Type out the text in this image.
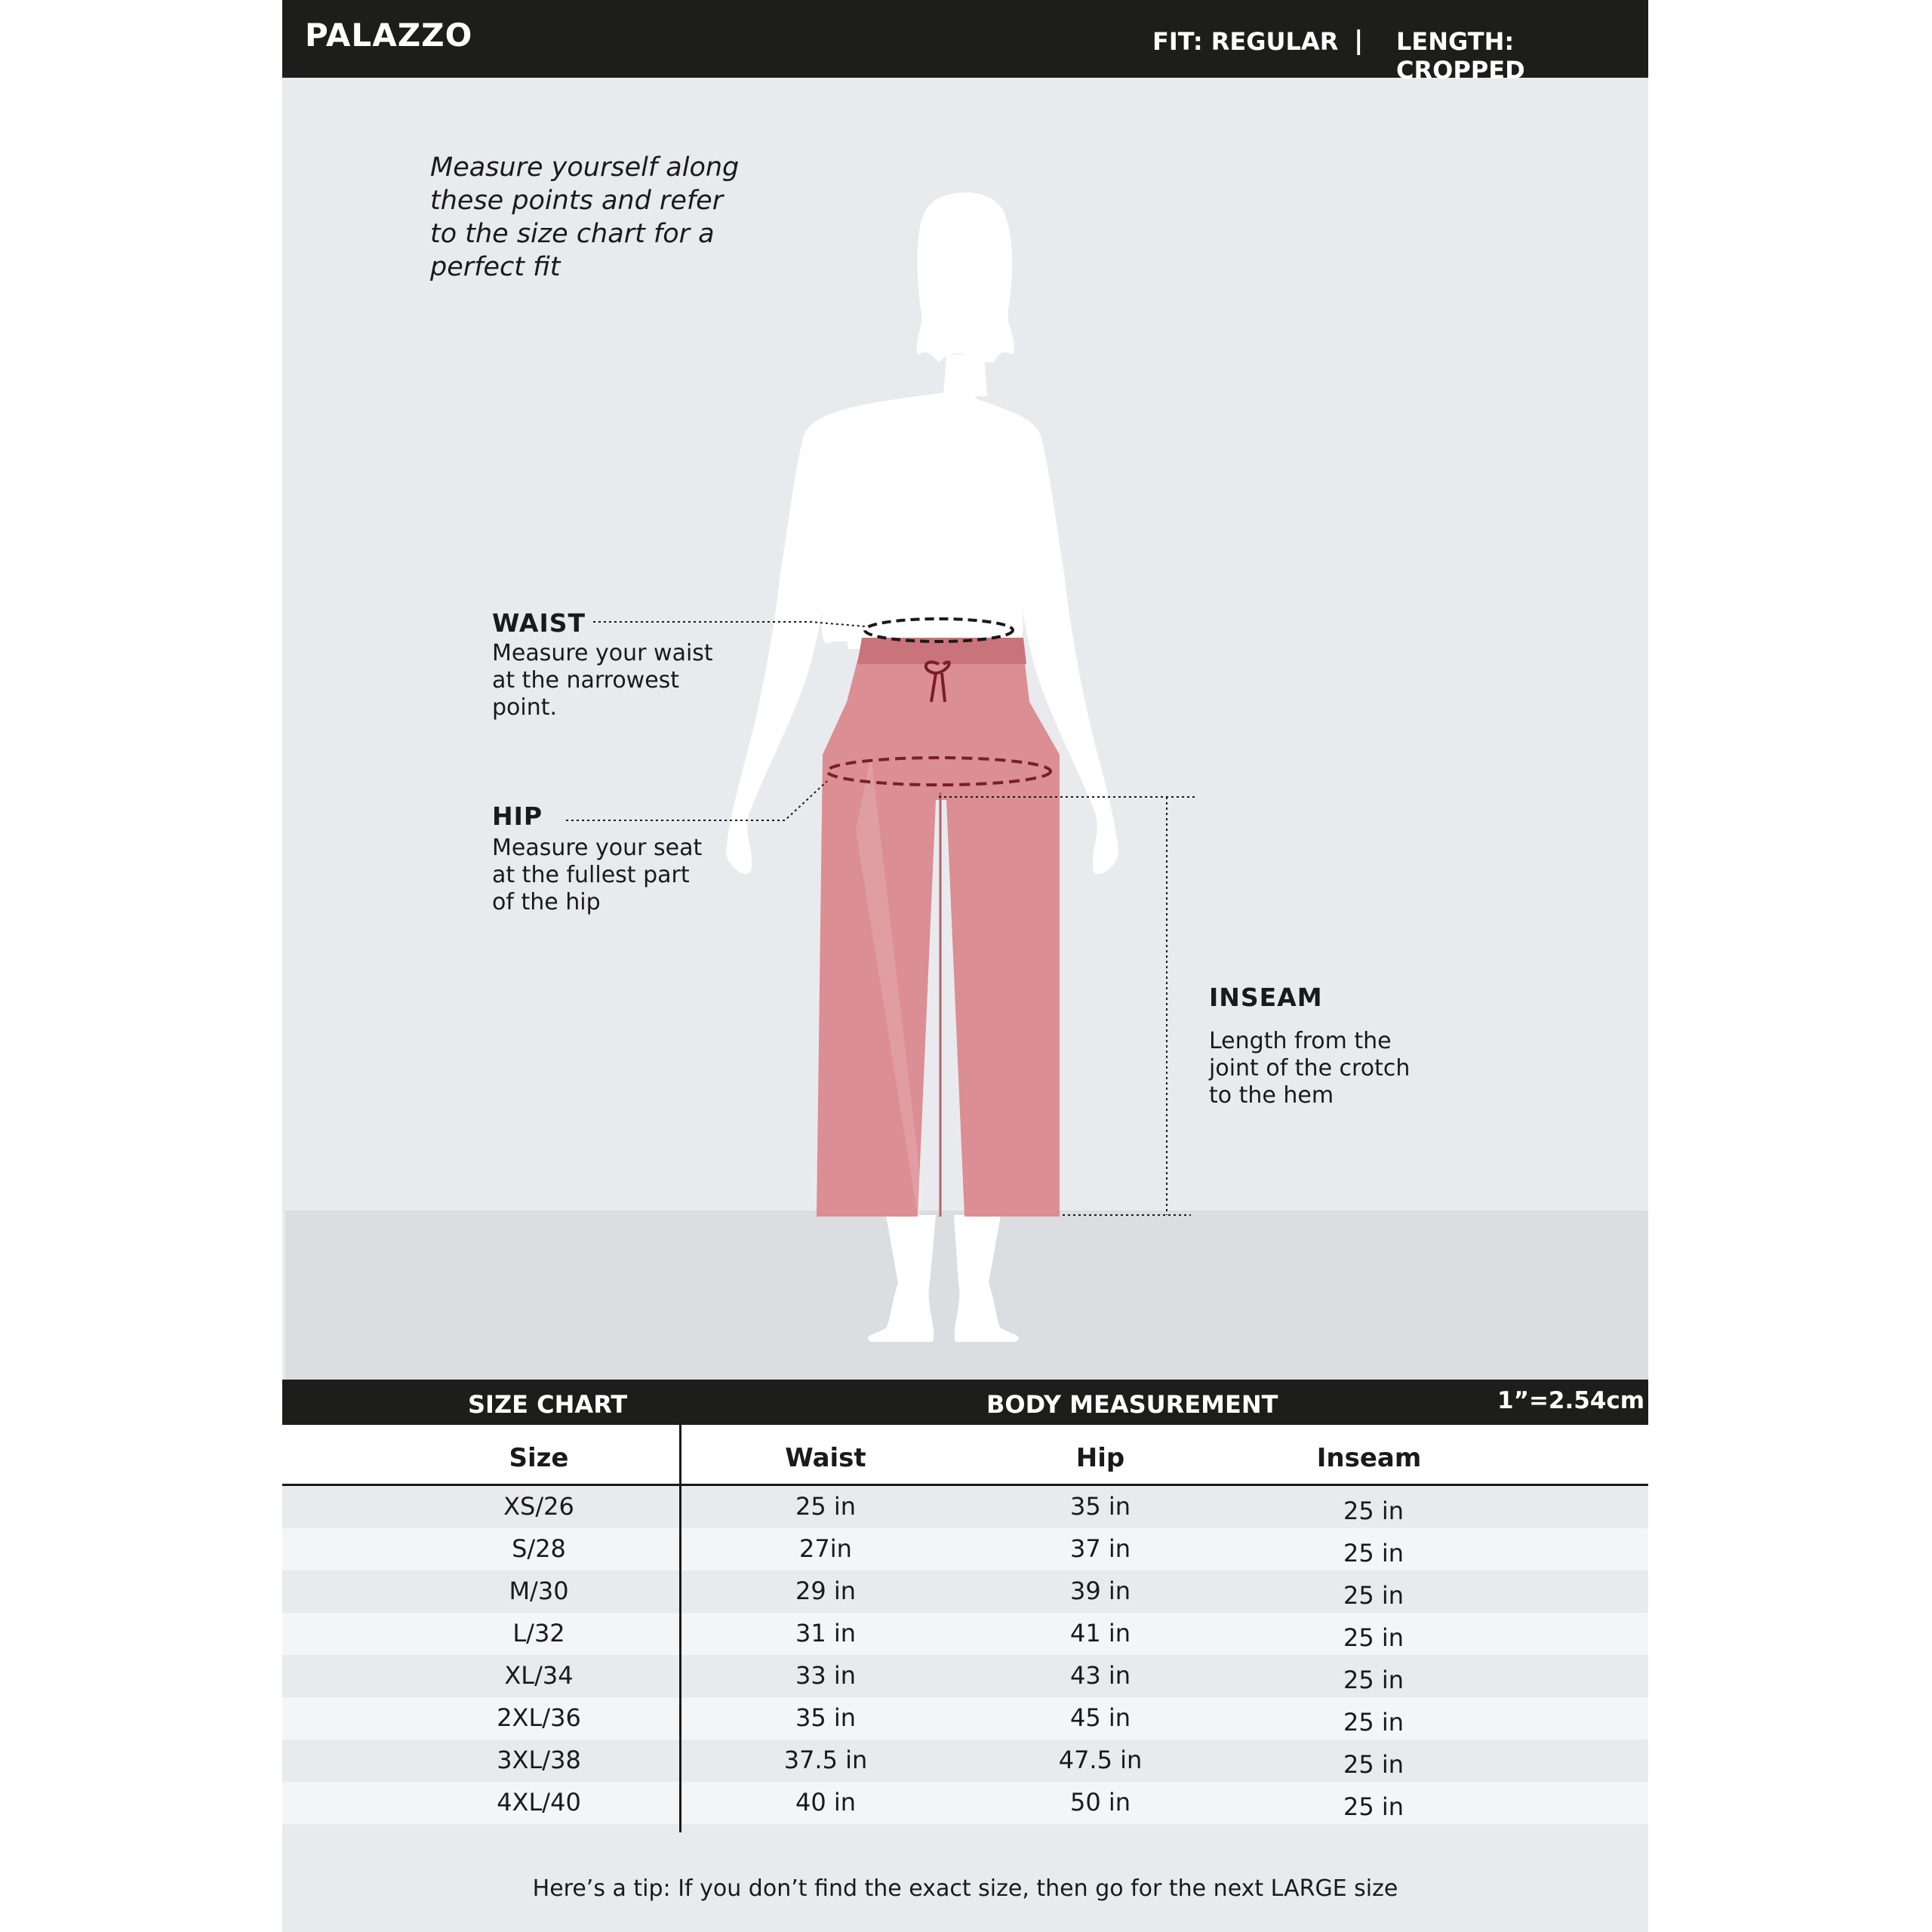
PALAZZO	FIT: REGULAR | LENGTH: CROPPED
Measure yourself along these points and refer to the size chart for a perfect fit
WAIST
Measure your waist at the narrowest point.
HIP
Measure your seat at the fullest part of the hip
INSEAM
Length from the joint of the crotch to the hem
SIZE CHART	BODY MEASUREMENT	1”=2.54cm
Size	Waist	Hip	Inseam
XS/26	25 in	35 in	25 in
S/28	27in	37 in	25 in
M/30	29 in	39 in	25 in
L/32	31 in	41 in	25 in
XL/34	33 in	43 in	25 in
2XL/36	35 in	45 in	25 in
3XL/38	37.5 in	47.5 in	25 in
4XL/40	40 in	50 in	25 in
Here’s a tip: If you don’t find the exact size, then go for the next LARGE size
